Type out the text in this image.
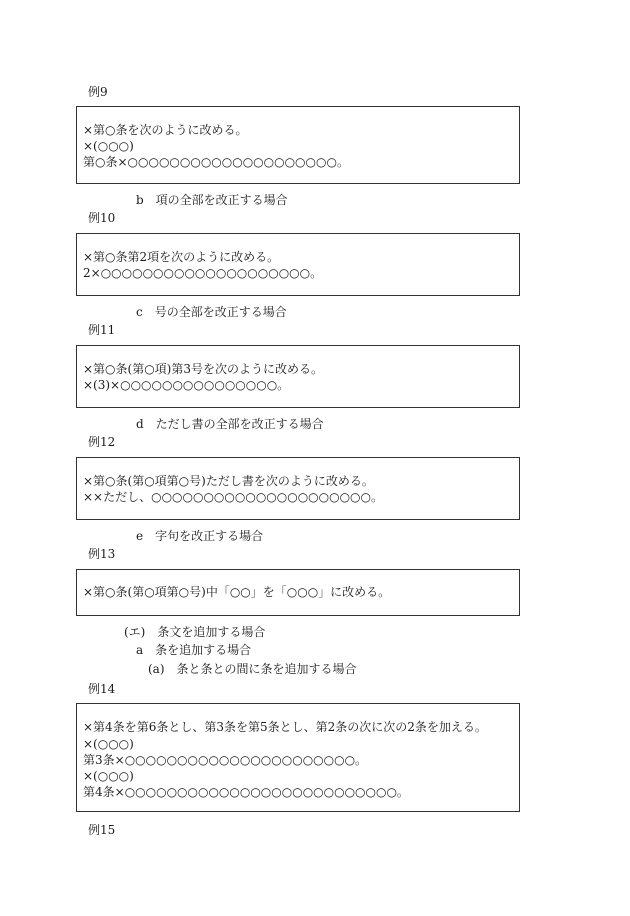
例9
×第○条を次のように改める。
×(○○○)
第○条×○○○○○○○○○○○○○○○○○○○○。
b　項の全部を改正する場合
例10
×第○条第2項を次のように改める。
2×○○○○○○○○○○○○○○○○○○○○。
c　号の全部を改正する場合
例11
×第○条(第○項)第3号を次のように改める。
×(3)×○○○○○○○○○○○○○○○。
d　ただし書の全部を改正する場合
例12
×第○条(第○項第○号)ただし書を次のように改める。
××ただし、○○○○○○○○○○○○○○○○○○○○○。
e　字句を改正する場合
例13
×第○条(第○項第○号)中「○○」を「○○○」に改める。
(エ)　条文を追加する場合
a　条を追加する場合
(a)　条と条との間に条を追加する場合
例14
×第4条を第6条とし、第3条を第5条とし、第2条の次に次の2条を加える。
×(○○○)
第3条×○○○○○○○○○○○○○○○○○○○○○○。
×(○○○)
第4条×○○○○○○○○○○○○○○○○○○○○○○○○○○。
例15
